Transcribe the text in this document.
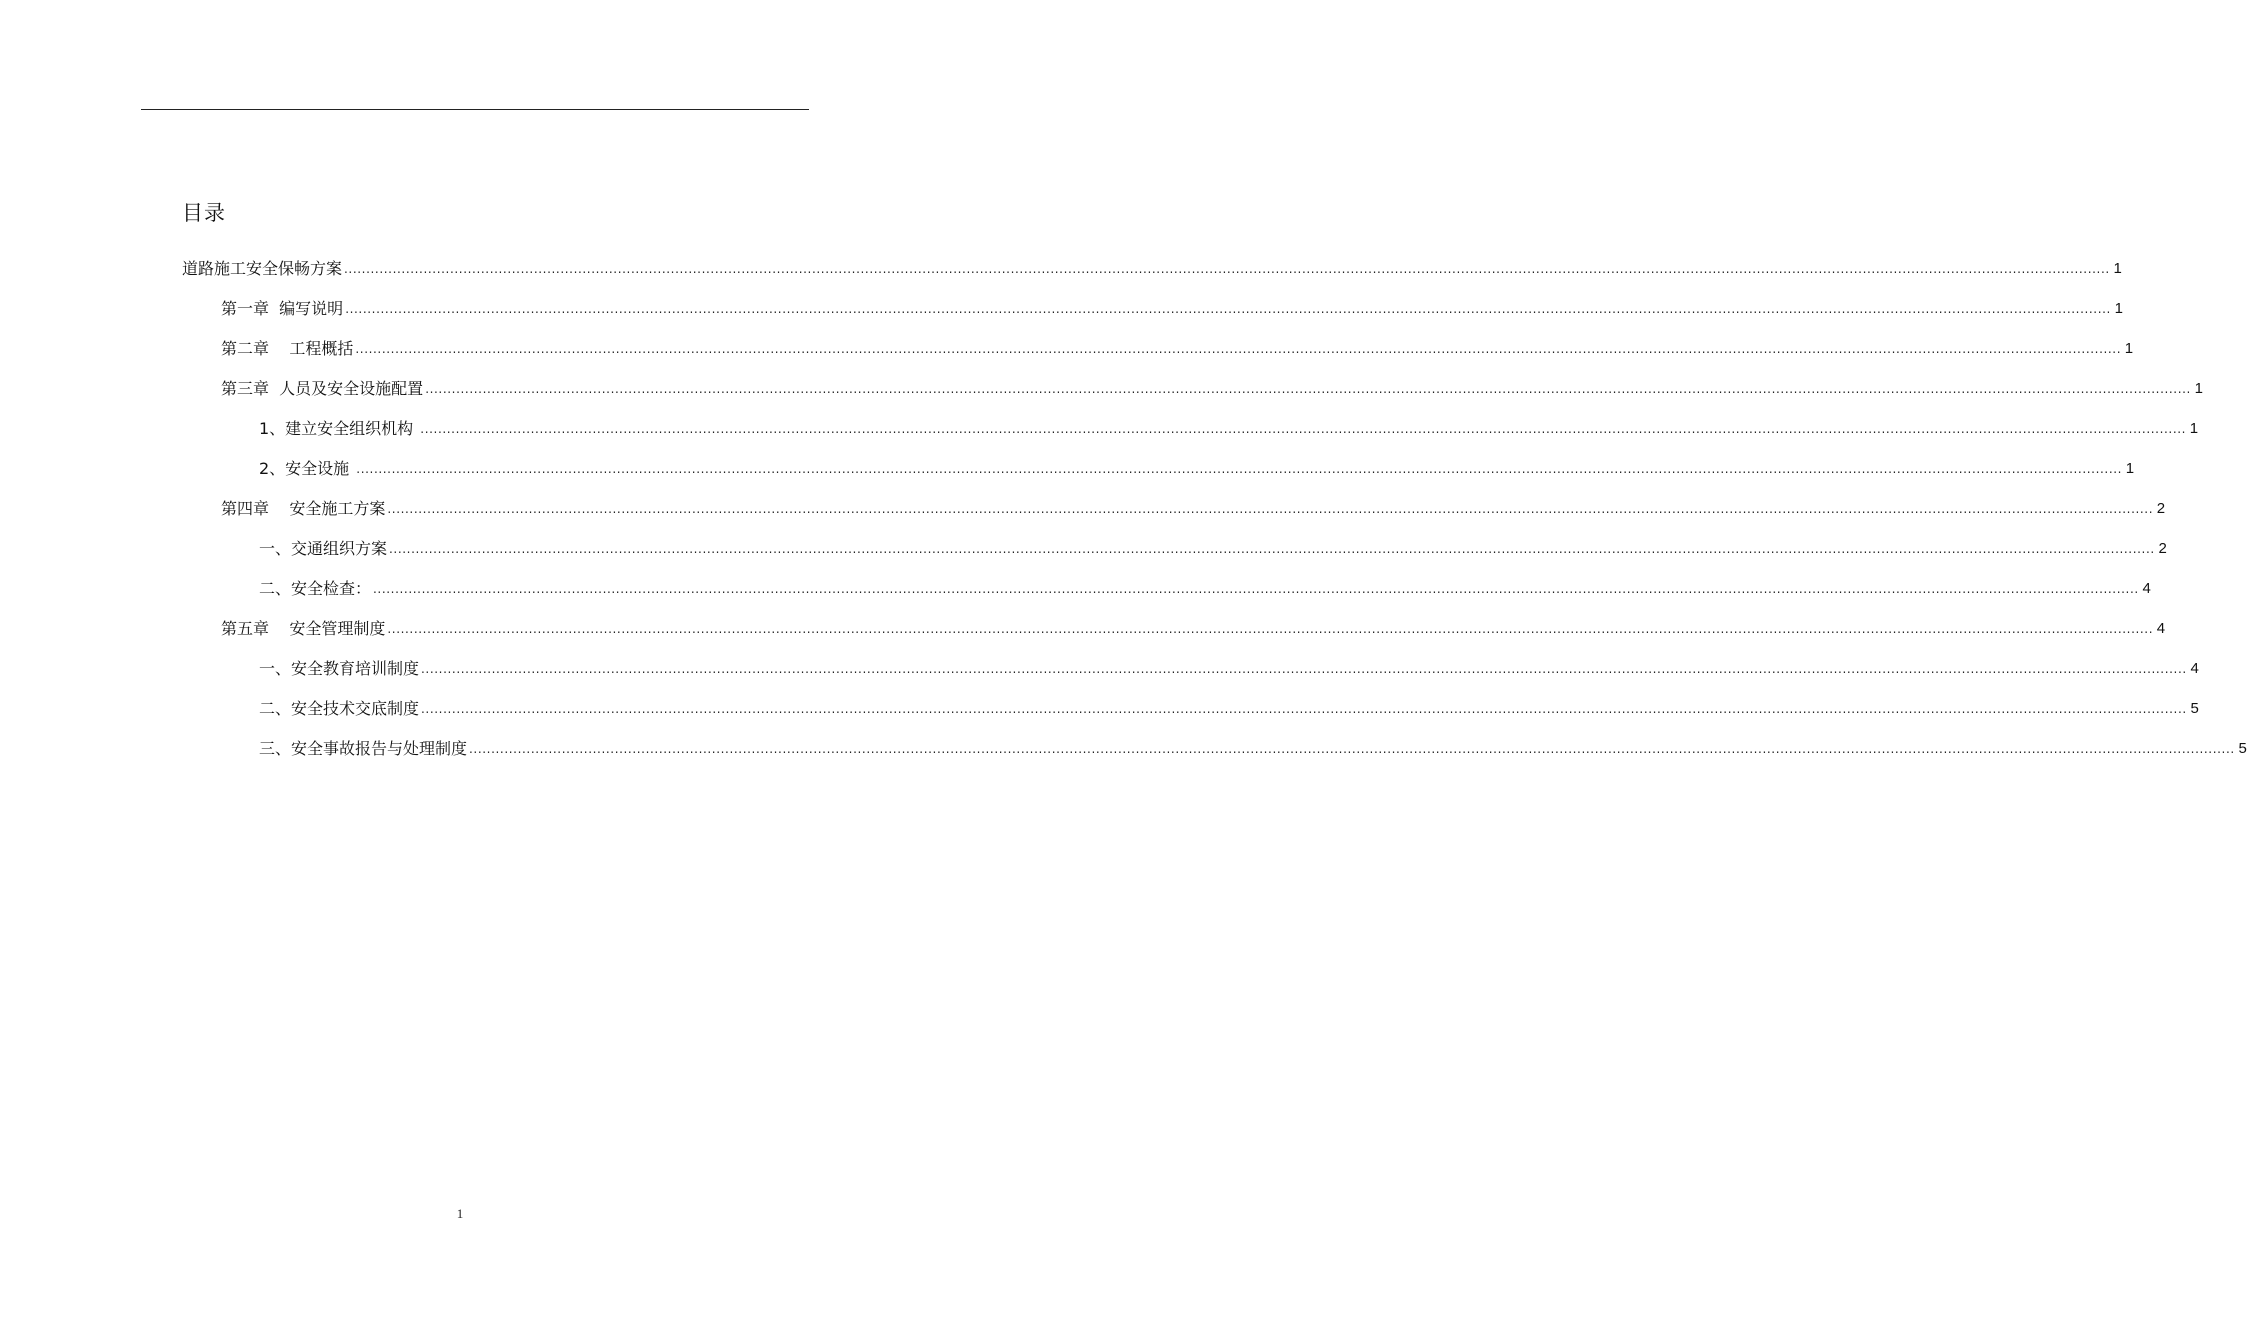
目录
道路施工安全保畅方案 ................................................................................................................................................................................................................................................................................................................................................................................................................ 1
第一章  编写说明 ................................................................................................................................................................................................................................................................................................................................................................................................................ 1
第二章    工程概括 ................................................................................................................................................................................................................................................................................................................................................................................................................ 1
第三章  人员及安全设施配置 ................................................................................................................................................................................................................................................................................................................................................................................................................ 1
1、建立安全组织机构 ................................................................................................................................................................................................................................................................................................................................................................................................................ 1
2、安全设施 ................................................................................................................................................................................................................................................................................................................................................................................................................ 1
第四章    安全施工方案 ................................................................................................................................................................................................................................................................................................................................................................................................................ 2
一、交通组织方案 ................................................................................................................................................................................................................................................................................................................................................................................................................ 2
二、安全检查： ................................................................................................................................................................................................................................................................................................................................................................................................................ 4
第五章    安全管理制度 ................................................................................................................................................................................................................................................................................................................................................................................................................ 4
一、安全教育培训制度 ................................................................................................................................................................................................................................................................................................................................................................................................................ 4
二、安全技术交底制度 ................................................................................................................................................................................................................................................................................................................................................................................................................ 5
三、安全事故报告与处理制度 ................................................................................................................................................................................................................................................................................................................................................................................................................ 5
1
